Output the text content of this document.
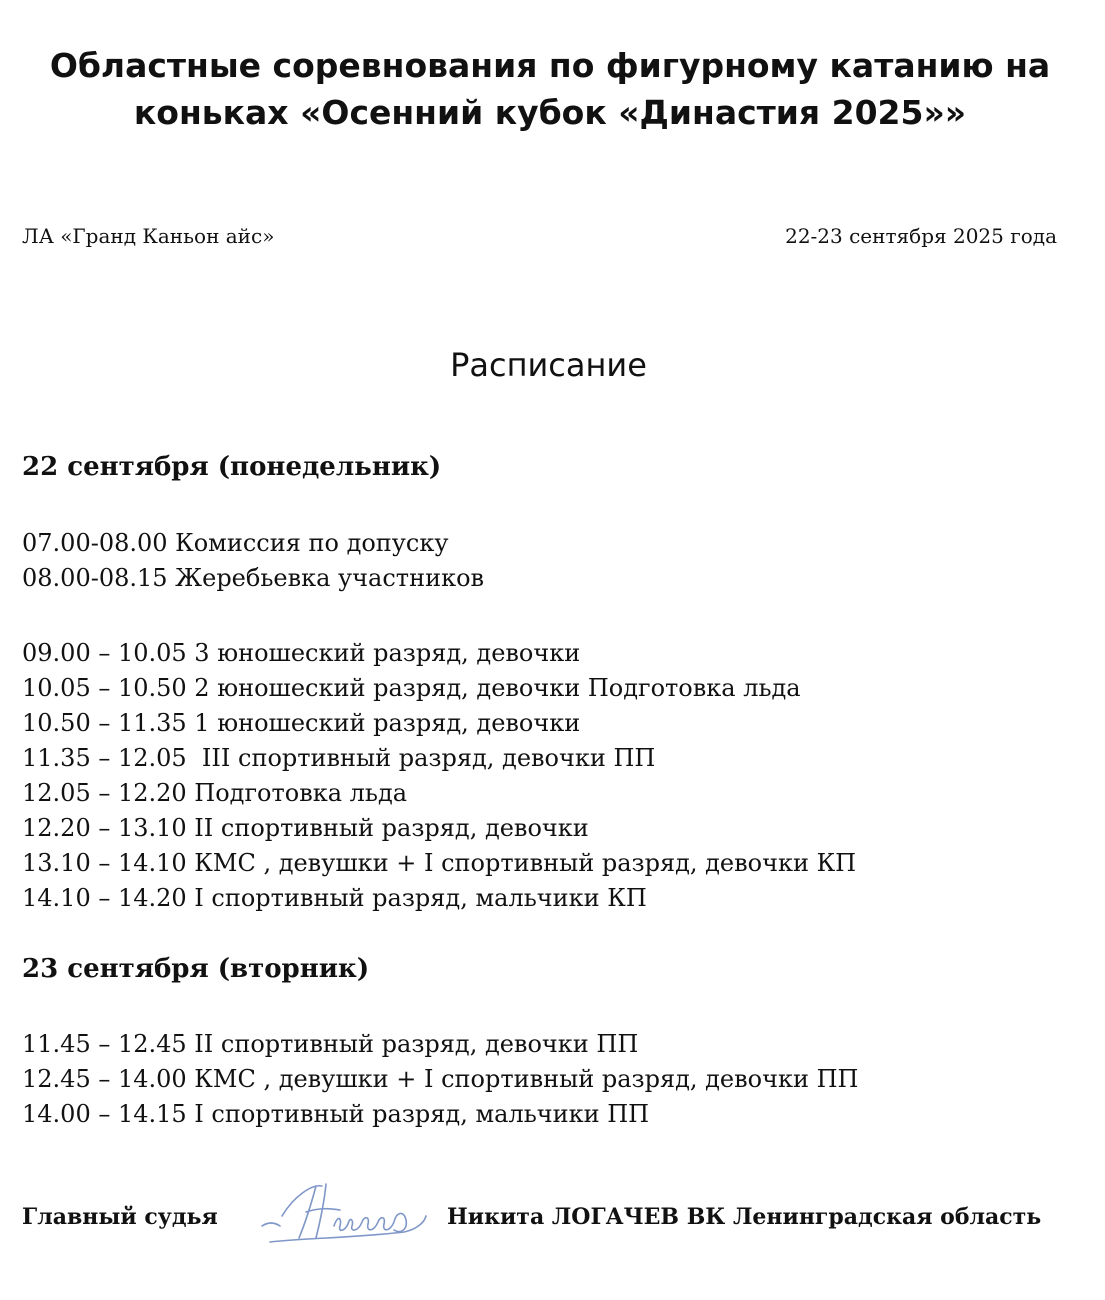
Областные соревнования по фигурному катанию на
коньках «Осенний кубок «Династия 2025»»
ЛА «Гранд Каньон айс»	22-23 сентября 2025 года
Расписание
22 сентября (понедельник)
07.00-08.00 Комиссия по допуску
08.00-08.15 Жеребьевка участников
09.00 – 10.05 3 юношеский разряд, девочки
10.05 – 10.50 2 юношеский разряд, девочки Подготовка льда
10.50 – 11.35 1 юношеский разряд, девочки
11.35 – 12.05  III спортивный разряд, девочки ПП
12.05 – 12.20 Подготовка льда
12.20 – 13.10 II спортивный разряд, девочки
13.10 – 14.10 КМС , девушки + I спортивный разряд, девочки КП
14.10 – 14.20 I спортивный разряд, мальчики КП
23 сентября (вторник)
11.45 – 12.45 II спортивный разряд, девочки ПП
12.45 – 14.00 КМС , девушки + I спортивный разряд, девочки ПП
14.00 – 14.15 I спортивный разряд, мальчики ПП
Главный судья	Никита ЛОГАЧЕВ ВК Ленинградская область
